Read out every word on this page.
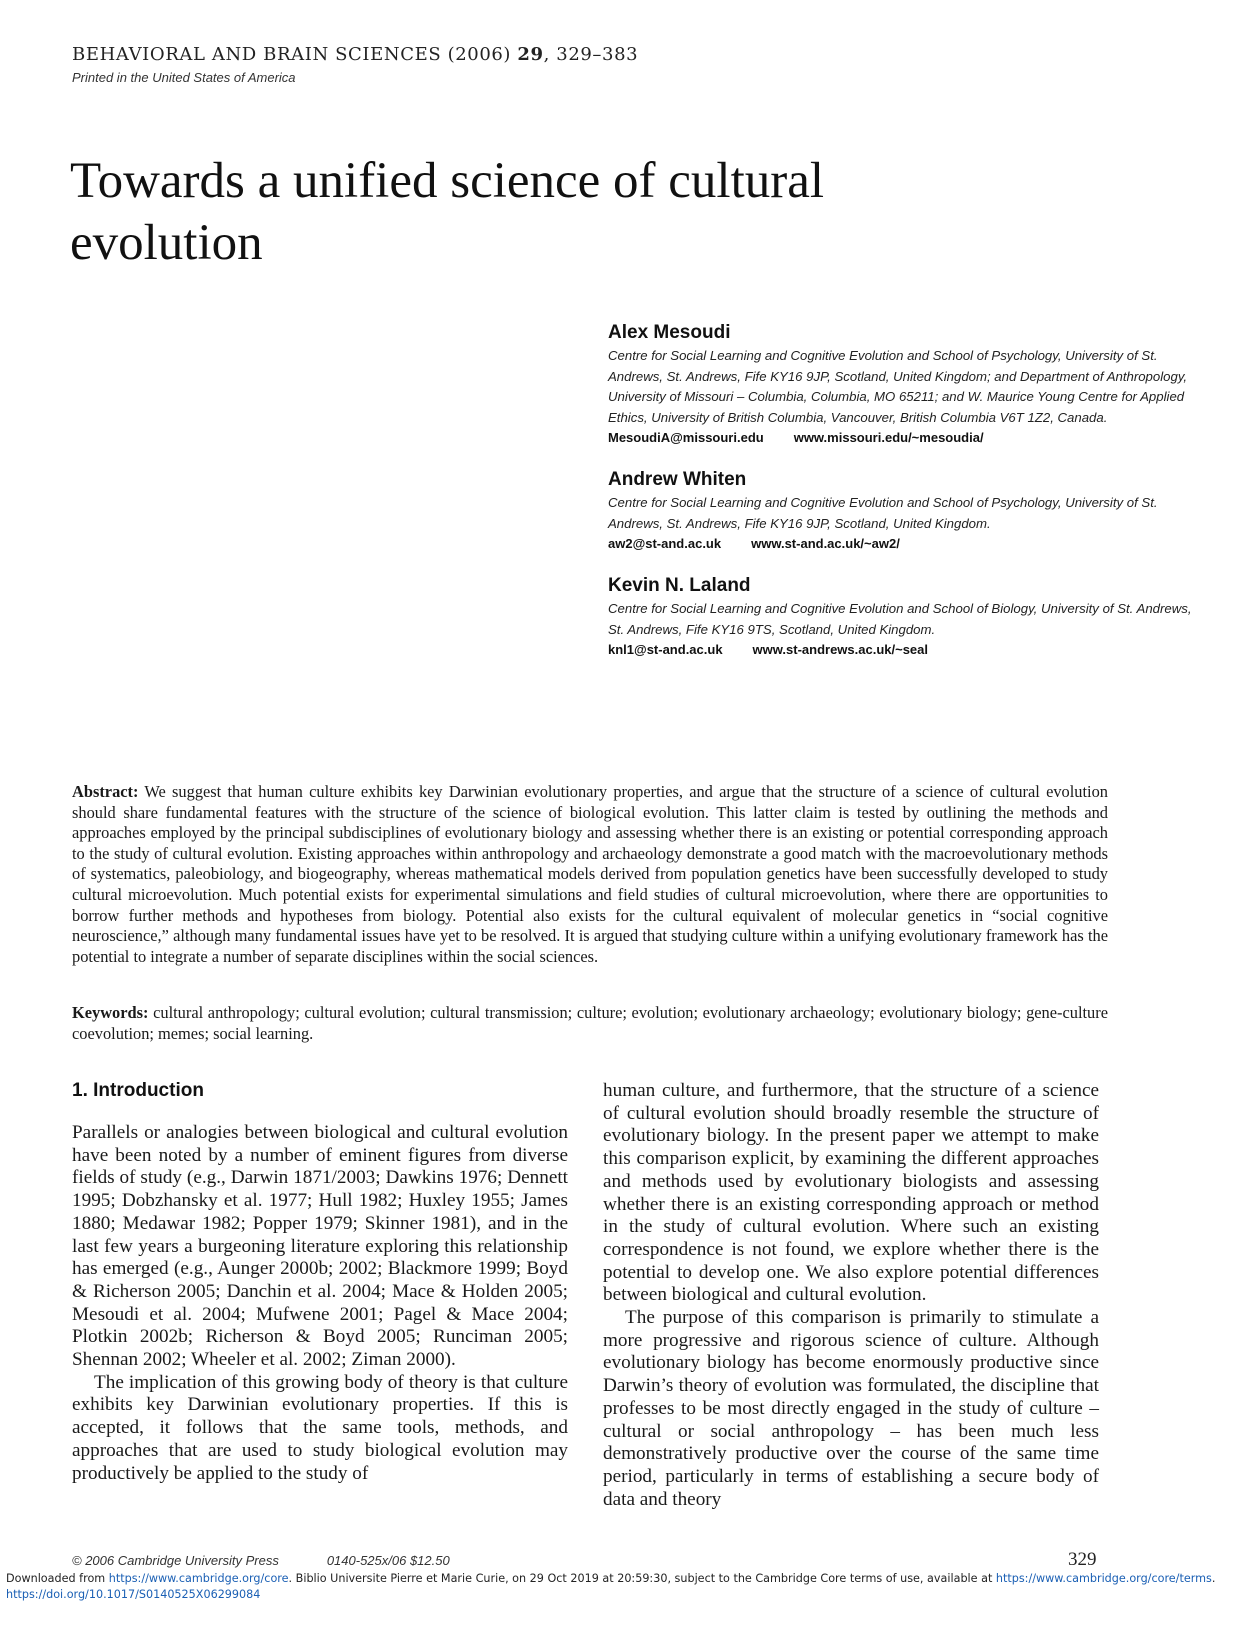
BEHAVIORAL AND BRAIN SCIENCES (2006) 29, 329–383
Printed in the United States of America
Towards a unified science of cultural evolution
Alex Mesoudi
Centre for Social Learning and Cognitive Evolution and School of Psychology, University of St. Andrews, St. Andrews, Fife KY16 9JP, Scotland, United Kingdom; and Department of Anthropology, University of Missouri – Columbia, Columbia, MO 65211; and W. Maurice Young Centre for Applied Ethics, University of British Columbia, Vancouver, British Columbia V6T 1Z2, Canada.
MesoudiA@missouri.edu www.missouri.edu/~mesoudia/
Andrew Whiten
Centre for Social Learning and Cognitive Evolution and School of Psychology, University of St. Andrews, St. Andrews, Fife KY16 9JP, Scotland, United Kingdom.
aw2@st-and.ac.uk www.st-and.ac.uk/~aw2/
Kevin N. Laland
Centre for Social Learning and Cognitive Evolution and School of Biology, University of St. Andrews, St. Andrews, Fife KY16 9TS, Scotland, United Kingdom.
knl1@st-and.ac.uk www.st-andrews.ac.uk/~seal
Abstract: We suggest that human culture exhibits key Darwinian evolutionary properties, and argue that the structure of a science of cultural evolution should share fundamental features with the structure of the science of biological evolution. This latter claim is tested by outlining the methods and approaches employed by the principal subdisciplines of evolutionary biology and assessing whether there is an existing or potential corresponding approach to the study of cultural evolution. Existing approaches within anthropology and archaeology demonstrate a good match with the macroevolutionary methods of systematics, paleobiology, and biogeography, whereas mathematical models derived from population genetics have been successfully developed to study cultural microevolution. Much potential exists for experimental simulations and field studies of cultural microevolution, where there are opportunities to borrow further methods and hypotheses from biology. Potential also exists for the cultural equivalent of molecular genetics in “social cognitive neuroscience,” although many fundamental issues have yet to be resolved. It is argued that studying culture within a unifying evolutionary framework has the potential to integrate a number of separate disciplines within the social sciences.
Keywords: cultural anthropology; cultural evolution; cultural transmission; culture; evolution; evolutionary archaeology; evolutionary biology; gene-culture coevolution; memes; social learning.
1. Introduction

Parallels or analogies between biological and cultural evolution have been noted by a number of eminent figures from diverse fields of study (e.g., Darwin 1871/2003; Dawkins 1976; Dennett 1995; Dobzhansky et al. 1977; Hull 1982; Huxley 1955; James 1880; Medawar 1982; Popper 1979; Skinner 1981), and in the last few years a burgeoning literature exploring this relationship has emerged (e.g., Aunger 2000b; 2002; Blackmore 1999; Boyd & Richerson 2005; Danchin et al. 2004; Mace & Holden 2005; Mesoudi et al. 2004; Mufwene 2001; Pagel & Mace 2004; Plotkin 2002b; Richerson & Boyd 2005; Runciman 2005; Shennan 2002; Wheeler et al. 2002; Ziman 2000).

The implication of this growing body of theory is that culture exhibits key Darwinian evolutionary properties. If this is accepted, it follows that the same tools, methods, and approaches that are used to study biological evolution may productively be applied to the study of

human culture, and furthermore, that the structure of a science of cultural evolution should broadly resemble the structure of evolutionary biology. In the present paper we attempt to make this comparison explicit, by examining the different approaches and methods used by evolutionary biologists and assessing whether there is an existing corresponding approach or method in the study of cultural evolution. Where such an existing correspondence is not found, we explore whether there is the potential to develop one. We also explore potential differences between biological and cultural evolution.

The purpose of this comparison is primarily to stimulate a more progressive and rigorous science of culture. Although evolutionary biology has become enormously productive since Darwin’s theory of evolution was formulated, the discipline that professes to be most directly engaged in the study of culture – cultural or social anthropology – has been much less demonstratively productive over the course of the same time period, particularly in terms of establishing a secure body of data and theory

© 2006 Cambridge University Press	0140-525x/06 $12.50	329
Downloaded from https://www.cambridge.org/core. Biblio Universite Pierre et Marie Curie, on 29 Oct 2019 at 20:59:30, subject to the Cambridge Core terms of use, available at https://www.cambridge.org/core/terms. https://doi.org/10.1017/S0140525X06299084
